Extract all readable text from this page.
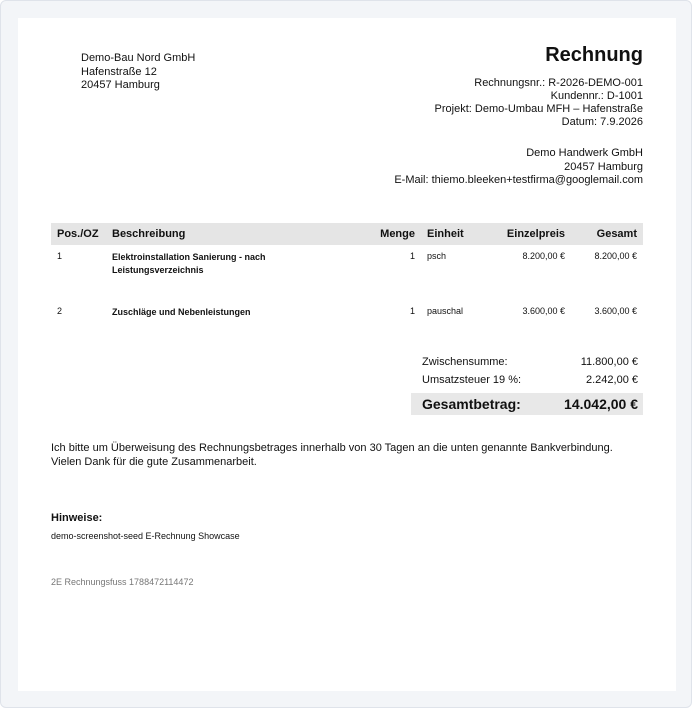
Demo-Bau Nord GmbH
Hafenstraße 12
20457 Hamburg
Rechnung
Rechnungsnr.: R-2026-DEMO-001
Kundennr.: D-1001
Projekt: Demo-Umbau MFH – Hafenstraße
Datum: 7.9.2026
Demo Handwerk GmbH
20457 Hamburg
E-Mail: thiemo.bleeken+testfirma@googlemail.com
Pos./OZ	Beschreibung	Menge	Einheit	Einzelpreis	Gesamt
1	Elektroinstallation Sanierung - nach Leistungsverzeichnis	1	psch	8.200,00 €	8.200,00 €
2	Zuschläge und Nebenleistungen	1	pauschal	3.600,00 €	3.600,00 €
Zwischensumme:	11.800,00 €
Umsatzsteuer 19 %:	2.242,00 €
Gesamtbetrag:	14.042,00 €
Ich bitte um Überweisung des Rechnungsbetrages innerhalb von 30 Tagen an die unten genannte Bankverbindung.
Vielen Dank für die gute Zusammenarbeit.
Hinweise:
demo-screenshot-seed E-Rechnung Showcase
2E Rechnungsfuss 1788472114472
